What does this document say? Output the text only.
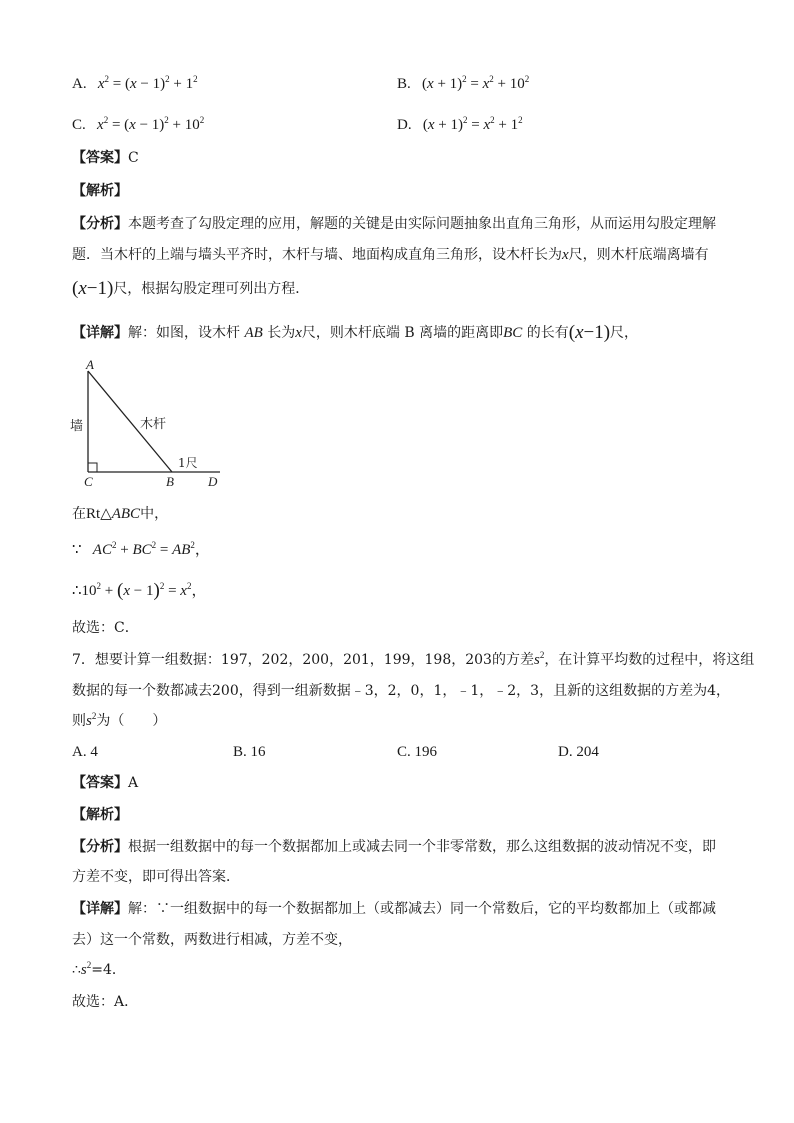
A. $x^2 = (x - 1)^2 + 1^2$	B. $(x + 1)^2 = x^2 + 10^2$
C. $x^2 = (x - 1)^2 + 10^2$	D. $(x + 1)^2 = x^2 + 1^2$
【答案】C
【解析】
【分析】本题考查了勾股定理的应用，解题的关键是由实际问题抽象出直角三角形，从而运用勾股定理解
题．当木杆的上端与墙头平齐时，木杆与墙、地面构成直角三角形，设木杆长为x尺，则木杆底端离墙有
(x−1)尺，根据勾股定理可列出方程．
【详解】解：如图，设木杆 AB 长为x尺，则木杆底端 B 离墙的距离即BC 的长有(x−1)尺，
A
C	B	D
墙	木杆
1尺
在Rt△ABC中，
∵ $AC^2 + BC^2 = AB^2$，
$\therefore 10^2 + (x - 1)^2 = x^2$，
故选：C．
7．想要计算一组数据：197，202，200，201，199，198，203的方差$s^2$，在计算平均数的过程中，将这组
数据的每一个数都减去200，得到一组新数据﹣3，2，0，1，﹣1，﹣2，3，且新的这组数据的方差为4，
则$s^2$为（　　）
A. 4	B. 16	C. 196	D. 204
【答案】A
【解析】
【分析】根据一组数据中的每一个数据都加上或减去同一个非零常数，那么这组数据的波动情况不变，即
方差不变，即可得出答案．
【详解】解：∵一组数据中的每一个数据都加上（或都减去）同一个常数后，它的平均数都加上（或都减
去）这一个常数，两数进行相减，方差不变，
$\therefore s^2=4$．
故选：A．
